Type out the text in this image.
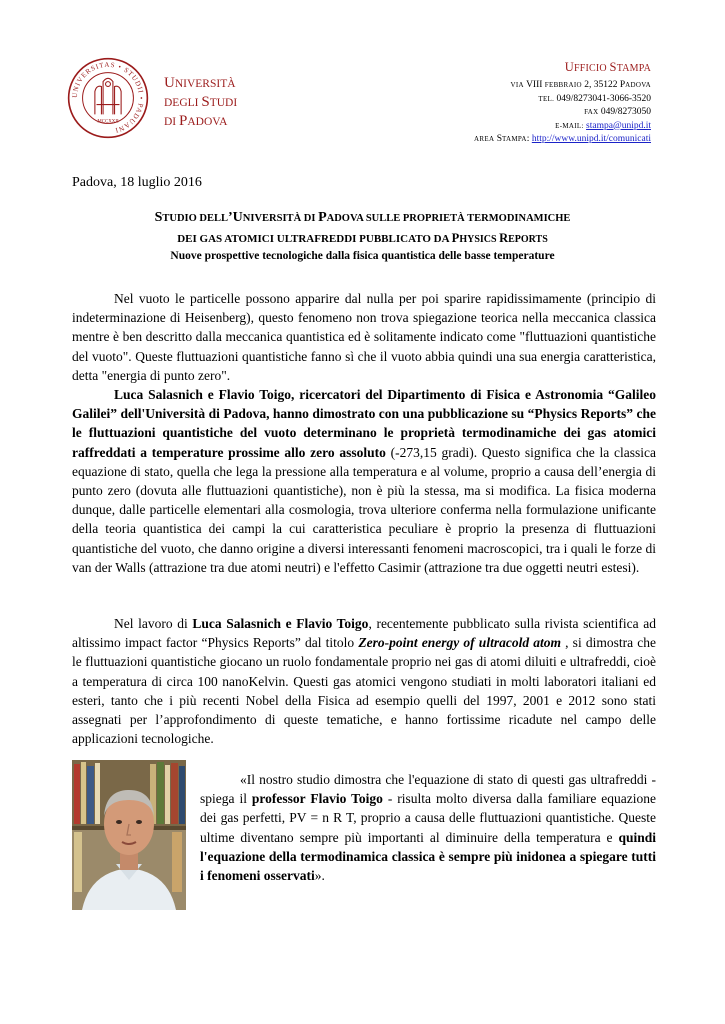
UNIVERSITAS • STUDII • PADUANI
MCCXXII
UNIVERSITÀ
DEGLI STUDI
DI PADOVA
UFFICIO STAMPA
VIA VIII FEBBRAIO 2, 35122 PADOVA
TEL. 049/8273041-3066-3520
FAX 049/8273050
E-MAIL: stampa@unipd.it
AREA STAMPA: http://www.unipd.it/comunicati
Padova, 18 luglio 2016
STUDIO DELL’UNIVERSITÀ DI PADOVA SULLE PROPRIETÀ TERMODINAMICHE
DEI GAS ATOMICI ULTRAFREDDI PUBBLICATO DA PHYSICS REPORTS
Nuove prospettive tecnologiche dalla fisica quantistica delle basse temperature
Nel vuoto le particelle possono apparire dal nulla per poi sparire rapidissimamente (principio di indeterminazione di Heisenberg), questo fenomeno non trova spiegazione teorica nella meccanica classica mentre è ben descritto dalla meccanica quantistica ed è solitamente indicato come "fluttuazioni quantistiche del vuoto". Queste fluttuazioni quantistiche fanno sì che il vuoto abbia quindi una sua energia caratteristica, detta "energia di punto zero".
Luca Salasnich e Flavio Toigo, ricercatori del Dipartimento di Fisica e Astronomia “Galileo Galilei” dell'Università di Padova, hanno dimostrato con una pubblicazione su “Physics Reports” che le fluttuazioni quantistiche del vuoto determinano le proprietà termodinamiche dei gas atomici raffreddati a temperature prossime allo zero assoluto (-273,15 gradi). Questo significa che la classica equazione di stato, quella che lega la pressione alla temperatura e al volume, proprio a causa dell’energia di punto zero (dovuta alle fluttuazioni quantistiche), non è più la stessa, ma si modifica. La fisica moderna dunque, dalle particelle elementari alla cosmologia, trova ulteriore conferma nella formulazione unificante della teoria quantistica dei campi la cui caratteristica peculiare è proprio la presenza di fluttuazioni quantistiche del vuoto, che danno origine a diversi interessanti fenomeni macroscopici, tra i quali le forze di van der Walls (attrazione tra due atomi neutri) e l'effetto Casimir (attrazione tra due oggetti neutri estesi).
Nel lavoro di Luca Salasnich e Flavio Toigo, recentemente pubblicato sulla rivista scientifica ad altissimo impact factor “Physics Reports” dal titolo Zero-point energy of ultracold atom , si dimostra che le fluttuazioni quantistiche giocano un ruolo fondamentale proprio nei gas di atomi diluiti e ultrafreddi, cioè a temperatura di circa 100 nanoKelvin. Questi gas atomici vengono studiati in molti laboratori italiani ed esteri, tanto che i più recenti Nobel della Fisica ad esempio quelli del 1997, 2001 e 2012 sono stati assegnati per l’approfondimento di queste tematiche, e hanno fortissime ricadute nel campo delle applicazioni tecnologiche.
«Il nostro studio dimostra che l'equazione di stato di questi gas ultrafreddi - spiega il professor Flavio Toigo - risulta molto diversa dalla familiare equazione dei gas perfetti, PV = n R T, proprio a causa delle fluttuazioni quantistiche. Queste ultime diventano sempre più importanti al diminuire della temperatura e quindi l'equazione della termodinamica classica è sempre più inidonea a spiegare tutti i fenomeni osservati».
